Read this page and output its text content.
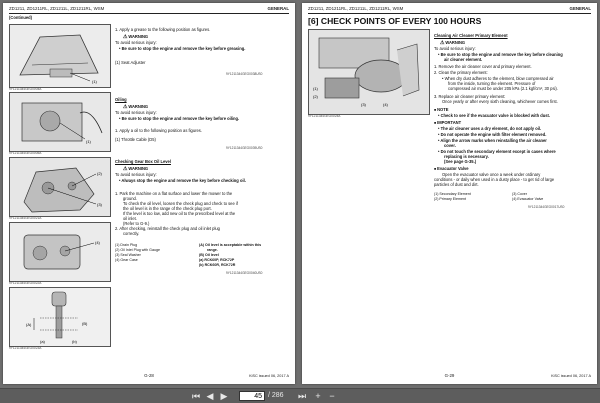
ZD1211, ZD1211RL, ZD1211L, ZD1211RL, WSM	GENERAL
(Continued)
(1)
9Y1211344GEG0004A
1. Apply a grease to the following position as figures.
⚠ WARNING
To avoid serious injury:
• Be sure to stop the engine and remove the key before greasing.
(1) Seat Adjuster
9Y1211344GEG0038US0
(1)
9Y1211344GEG0005A
Oiling
⚠ WARNING
To avoid serious injury:
• Be sure to stop the engine and remove the key before oiling.
1. Apply a oil to the following position as figures.
(1) Throttle Cable (D5)
9Y1211344GEG0039US0
(2)
(3)
9Y1211344GEG0021A
(4)
9Y1211344GEG0022A
(A)	(B)
(a)	(b)
9Y1211344GEG0023A
Checking Gear Box Oil Level
⚠ WARNING
To avoid serious injury:
• Always stop the engine and remove the key before checking oil.
1. Park the machine on a flat surface and lower the mower to the
ground.
To check the oil level, loosen the check plug and check to see if
the oil level is in the range of the check plug port.
If the level is too low, add new oil to the prescribed level at the
oil inlet.
(Refer to G-9.)
2. After checking, reinstall the check plug and oil inlet plug
correctly.
(1) Drain Plug
(2) Oil Inlet Plug with Gauge
(3) Seal Washer
(4) Gear Case
(A) Oil level is acceptable within this
range.
(B) Oil level
(a) RCK60P, RCK72P
(b) RCK60R, RCK72R
9Y1211344GEG0040US0
G-28	KiSC issued 06, 2017 A
ZD1211, ZD1211RL, ZD1211L, ZD1211RL, WSM	GENERAL
[6] CHECK POINTS OF EVERY 100 HOURS
(1)
(2)
(3)	(4)
9Y1211344GEG0024A
Cleaning Air Cleaner Primary Element
⚠ WARNING
To avoid serious injury:
• Be sure to stop the engine and remove the key before cleaning
air cleaner element.
1. Remove the air cleaner cover and primary element.
2. Clean the primary element:
• When dry dust adheres to the element, blow compressed air
from the inside, turning the element. Pressure of
compressed air must be under 205 kPa (2.1 kgf/cm², 30 psi).
3. Replace air cleaner primary element:
Once yearly or after every sixth cleaning, whichever comes first.
■ NOTE
• Check to see if the evacuator valve is blocked with dust.
■ IMPORTANT
• The air cleaner uses a dry element, do not apply oil.
• Do not operate the engine with filter element removed.
• Align the arrow marks when reinstalling the air cleaner
cover.
• Do not touch the secondary element except in cases where
replacing is necessary.
(See page G-35.)
■ Evacuator Valve
Open the evacuator valve once a week under ordinary
conditions - or daily when used in a dusty place - to get rid of large
particles of dust and dirt.
(1) Secondary Element
(2) Primary Element
(3) Cover
(4) Evacuator Valve
9Y1211344GEG0017US0
G-29	KiSC issued 06, 2017 A
⏮ ◀ ▶
45	/ 286 ⏭	+ −
